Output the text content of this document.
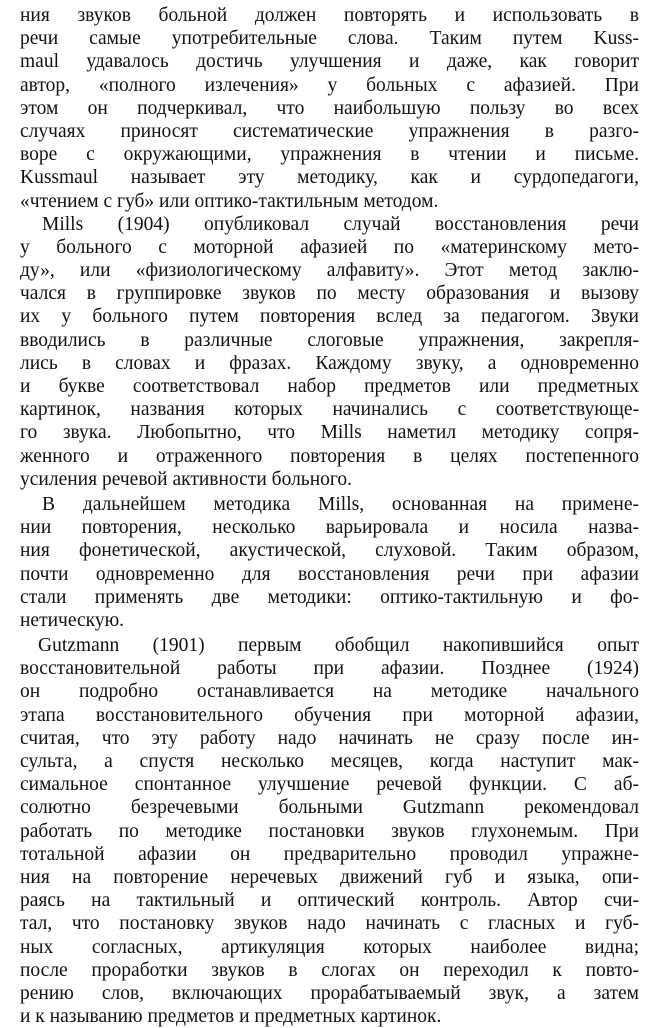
ния звуков больной должен повторять и использовать в
речи самые употребительные слова. Таким путем Kuss-
maul удавалось достичь улучшения и даже, как говорит
автор, «полного излечения» у больных с афазией. При
этом он подчеркивал, что наибольшую пользу во всех
случаях приносят систематические упражнения в разго-
воре с окружающими, упражнения в чтении и письме.
Kussmaul называет эту методику, как и сурдопедагоги,
«чтением с губ» или оптико-тактильным методом.
Mills (1904) опубликовал случай восстановления речи
у больного с моторной афазией по «материнскому мето-
ду», или «физиологическому алфавиту». Этот метод заклю-
чался в группировке звуков по месту образования и вызову
их у больного путем повторения вслед за педагогом. Звуки
вводились в различные слоговые упражнения, закрепля-
лись в словах и фразах. Каждому звуку, а одновременно
и букве соответствовал набор предметов или предметных
картинок, названия которых начинались с соответствующе-
го звука. Любопытно, что Mills наметил методику сопря-
женного и отраженного повторения в целях постепенного
усиления речевой активности больного.
В дальнейшем методика Mills, основанная на примене-
нии повторения, несколько варьировала и носила назва-
ния фонетической, акустической, слуховой. Таким образом,
почти одновременно для восстановления речи при афазии
стали применять две методики: оптико-тактильную и фо-
нетическую.
Gutzmann (1901) первым обобщил накопившийся опыт
восстановительной работы при афазии. Позднее (1924)
он подробно останавливается на методике начального
этапа восстановительного обучения при моторной афазии,
считая, что эту работу надо начинать не сразу после ин-
сульта, а спустя несколько месяцев, когда наступит мак-
симальное спонтанное улучшение речевой функции. С аб-
солютно безречевыми больными Gutzmann рекомендовал
работать по методике постановки звуков глухонемым. При
тотальной афазии он предварительно проводил упражне-
ния на повторение неречевых движений губ и языка, опи-
раясь на тактильный и оптический контроль. Автор счи-
тал, что постановку звуков надо начинать с гласных и губ-
ных согласных, артикуляция которых наиболее видна;
после проработки звуков в слогах он переходил к повто-
рению слов, включающих прорабатываемый звук, а затем
и к называнию предметов и предметных картинок.
